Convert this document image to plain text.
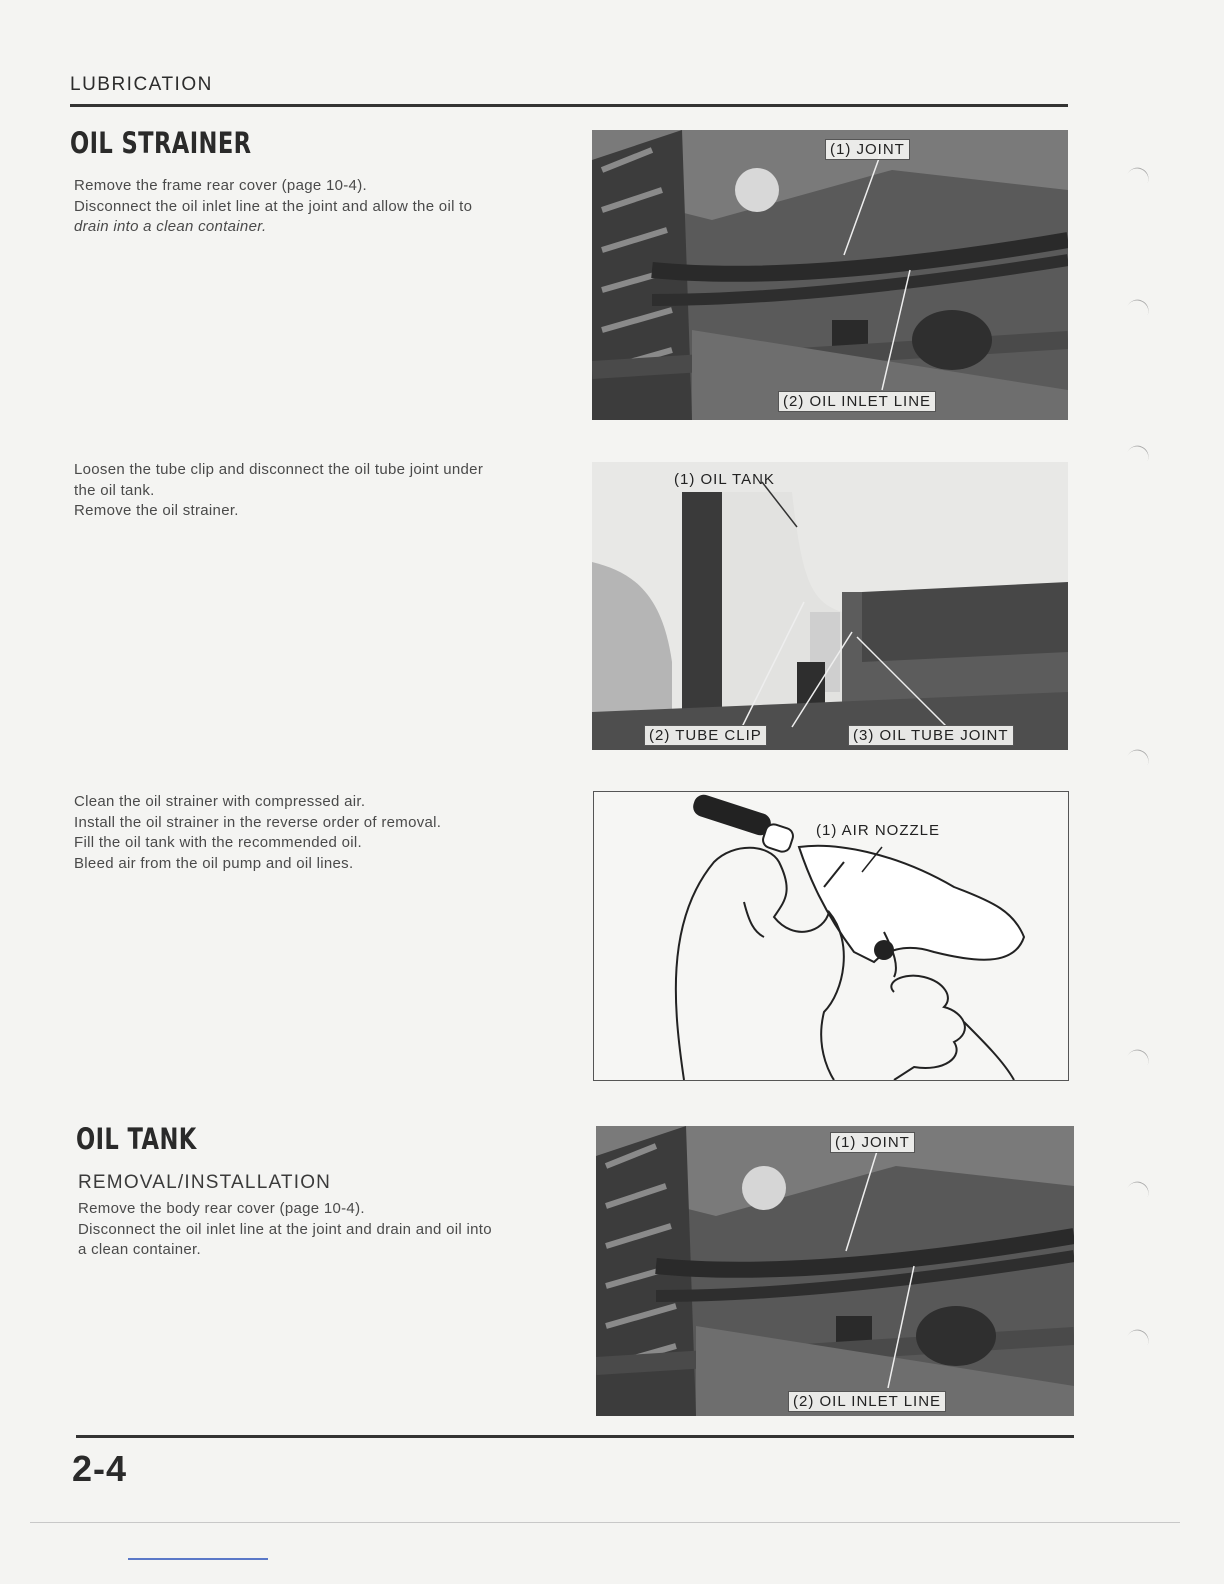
LUBRICATION
OIL STRAINER

Remove the frame rear cover (page 10-4).

Disconnect the oil inlet line at the joint and allow the oil to

drain into a clean container.

(1) JOINT
(2) OIL INLET LINE

Loosen the tube clip and disconnect the oil tube joint under

the oil tank.

Remove the oil strainer.

(1) OIL TANK
(2) TUBE CLIP	(3) OIL TUBE JOINT

Clean the oil strainer with compressed air.

Install the oil strainer in the reverse order of removal.

Fill the oil tank with the recommended oil.

Bleed air from the oil pump and oil lines.

(1) AIR NOZZLE
OIL TANK
REMOVAL/INSTALLATION

Remove the body rear cover (page 10-4).

Disconnect the oil inlet line at the joint and drain and oil into

a clean container.

(1) JOINT
(2) OIL INLET LINE
2-4
